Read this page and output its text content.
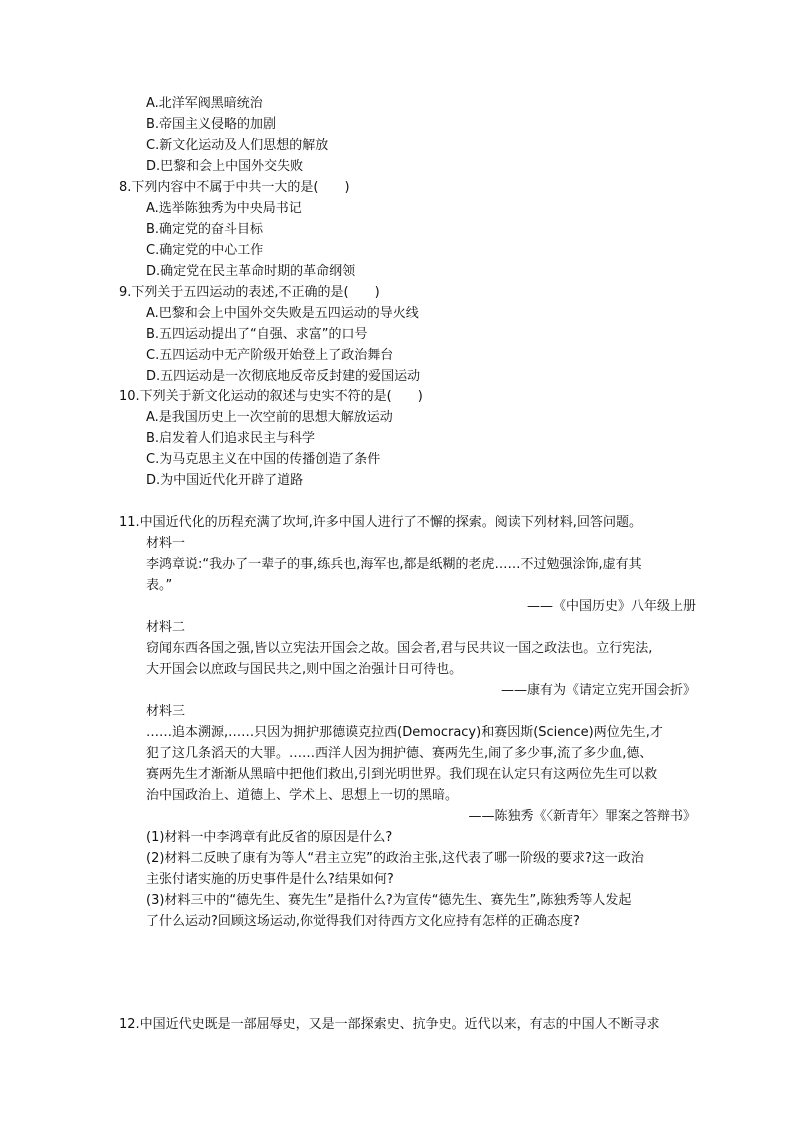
A.北洋军阀黑暗统治
B.帝国主义侵略的加剧
C.新文化运动及人们思想的解放
D.巴黎和会上中国外交失败
8.下列内容中不属于中共一大的是(　　)
A.选举陈独秀为中央局书记
B.确定党的奋斗目标
C.确定党的中心工作
D.确定党在民主革命时期的革命纲领
9.下列关于五四运动的表述,不正确的是(　　)
A.巴黎和会上中国外交失败是五四运动的导火线
B.五四运动提出了“自强、求富”的口号
C.五四运动中无产阶级开始登上了政治舞台
D.五四运动是一次彻底地反帝反封建的爱国运动
10.下列关于新文化运动的叙述与史实不符的是(　　)
A.是我国历史上一次空前的思想大解放运动
B.启发着人们追求民主与科学
C.为马克思主义在中国的传播创造了条件
D.为中国近代化开辟了道路
11.中国近代化的历程充满了坎坷,许多中国人进行了不懈的探索。阅读下列材料,回答问题。
材料一
李鸿章说:“我办了一辈子的事,练兵也,海军也,都是纸糊的老虎……不过勉强涂饰,虚有其
表。”
——《中国历史》八年级上册
材料二
窃闻东西各国之强,皆以立宪法开国会之故。国会者,君与民共议一国之政法也。立行宪法,
大开国会以庶政与国民共之,则中国之治强计日可待也。
——康有为《请定立宪开国会折》
材料三
……追本溯源,……只因为拥护那德谟克拉西(Democracy)和赛因斯(Science)两位先生,才
犯了这几条滔天的大罪。……西洋人因为拥护德、赛两先生,闹了多少事,流了多少血,德、
赛两先生才渐渐从黑暗中把他们救出,引到光明世界。我们现在认定只有这两位先生可以救
治中国政治上、道德上、学术上、思想上一切的黑暗。
——陈独秀《〈新青年〉罪案之答辩书》
(1)材料一中李鸿章有此反省的原因是什么?
(2)材料二反映了康有为等人“君主立宪”的政治主张,这代表了哪一阶级的要求?这一政治
主张付诸实施的历史事件是什么?结果如何?
(3)材料三中的“德先生、赛先生”是指什么?为宣传“德先生、赛先生”,陈独秀等人发起
了什么运动?回顾这场运动,你觉得我们对待西方文化应持有怎样的正确态度?
12.中国近代史既是一部屈辱史，又是一部探索史、抗争史。近代以来，有志的中国人不断寻求
